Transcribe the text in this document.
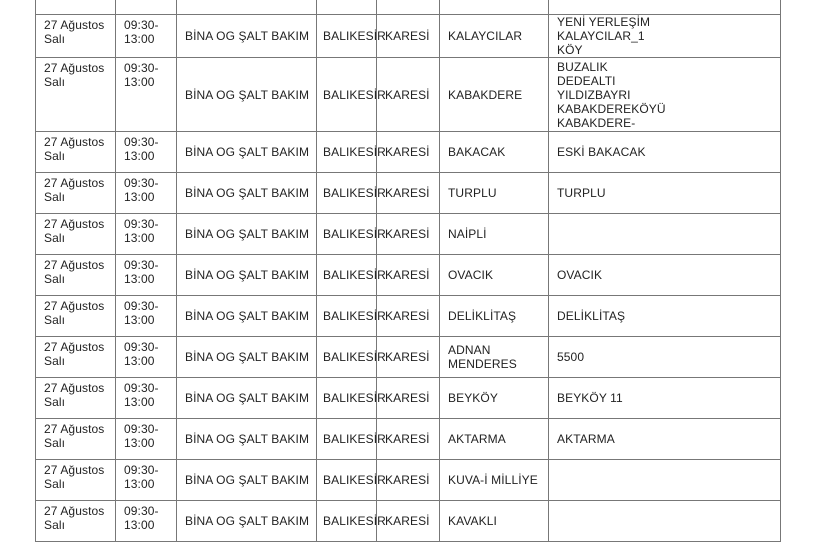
27 Ağustos
Salı	09:30-
13:00	BİNA OG ŞALT BAKIM	BALIKESİR	KARESİ	KALAYCILAR	YENİ YERLEŞİM
KALAYCILAR_1
KÖY
27 Ağustos
Salı	09:30-
13:00	BİNA OG ŞALT BAKIM	BALIKESİR	KARESİ	KABAKDERE	BUZALIK
DEDEALTI
YILDIZBAYRI
KABAKDEREKÖYÜ
KABAKDERE-
27 Ağustos
Salı	09:30-
13:00	BİNA OG ŞALT BAKIM	BALIKESİR	KARESİ	BAKACAK	ESKİ BAKACAK
27 Ağustos
Salı	09:30-
13:00	BİNA OG ŞALT BAKIM	BALIKESİR	KARESİ	TURPLU	TURPLU
27 Ağustos
Salı	09:30-
13:00	BİNA OG ŞALT BAKIM	BALIKESİR	KARESİ	NAİPLİ	
27 Ağustos
Salı	09:30-
13:00	BİNA OG ŞALT BAKIM	BALIKESİR	KARESİ	OVACIK	OVACIK
27 Ağustos
Salı	09:30-
13:00	BİNA OG ŞALT BAKIM	BALIKESİR	KARESİ	DELİKLİTAŞ	DELİKLİTAŞ
27 Ağustos
Salı	09:30-
13:00	BİNA OG ŞALT BAKIM	BALIKESİR	KARESİ	ADNAN
MENDERES	5500
27 Ağustos
Salı	09:30-
13:00	BİNA OG ŞALT BAKIM	BALIKESİR	KARESİ	BEYKÖY	BEYKÖY 11
27 Ağustos
Salı	09:30-
13:00	BİNA OG ŞALT BAKIM	BALIKESİR	KARESİ	AKTARMA	AKTARMA
27 Ağustos
Salı	09:30-
13:00	BİNA OG ŞALT BAKIM	BALIKESİR	KARESİ	KUVA-İ MİLLİYE	
27 Ağustos
Salı	09:30-
13:00	BİNA OG ŞALT BAKIM	BALIKESİR	KARESİ	KAVAKLI	
